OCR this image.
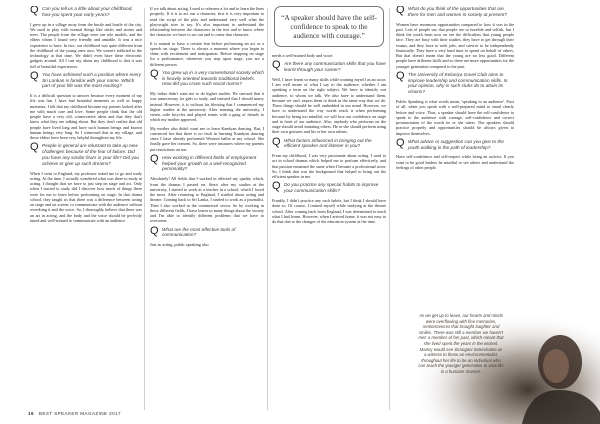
Q Can you tell us a little about your childhood, how you spent your early years?

I grew up in a village away from the hustle and bustle of the city. We used to play with normal things like sticks and stones and trees. The people from the village were our role models, and the elders whom I found very friendly and amiable. It was a nice experience to have. In fact, our childhood was quite different from the childhood of the young ones now. We weren't addicted to the technology at that time. We didn't even have these electronic gadgets around. All I can say about my childhood is that it was full of beautiful experiences.

Q You have achieved such a position where every Sri Lankan is familiar with your name. Which part of your life was the most exciting?

It is a difficult question to answer because every moment of my life was fun. I have had beautiful moments as well as happy moments. I felt that my childhood because my parents looked after me with much care and love. Some people think that the old people have a very old, conservative ideas and that they don't know what they are talking about. But they don't realize that old people have lived long and have such human beings and known human beings very long. So I witnessed that in my village, and those elders have been very helpful throughout my life.

Q People in general are reluctant to take up new challenges because of the fear of failure. Did you have any similar fears in your life? Did you achieve or give up such dreams?

When I went to England, my professor asked me to go and study acting. At the time, I actually wondered what was there to study in acting. I thought that we have to just step on stage and act. Only when I started to study did I discover how much of things there were for me to learn before performing on stage. In that drama school, they taught us that there was a difference between acting on stage and on screen: to communicate with the audience without overdoing it and the voice. So, I thoroughly believe that there was an art in acting, and the body and the voice should be perfectly tuned and well-trained to communicate with an audience.

If we talk about acting, I used to rehearse a lot and to learn the lines properly. If it is to act out a character, first it is very important to read the script of the play and understand very well what the playwright tries to say. It's also important to understand the relationship between the characters in the text and to know where the character we have to act out and to come that character.

It is natural to have a certain fear before performing an act or a speech on stage. There is always a moment where you begin to shine with excitement and anticipation. Before stepping on stage for a performance, whenever you step upon stage, you are a different person.

Q You grew up in a very conventional society which is heavily oriented towards traditional beliefs. How did you crave such social norms?

My father didn't want me to do higher studies. He stressed that it was unnecessary for girls to study, and insisted that I should marry instead. However, it is without his blessing that I commenced my higher studies at the university. After entering the university, I swam, rode bicycles and played tennis with a gang of friends to which my mother approved.

My mother also didn't want me to learn Kandyan dancing. But, I convinced her that there is no fault in learning Kandyan dancing since I have already performed Western ballet at my school. She finally gave her consent. So, there were instances where my parents put restrictions on me.

Q How working in different fields of employment helped your growth as a well-recognized personality?

Absolutely! All fields that I worked in affected my quality which, from the dramas I passed on. Since after my studies at the university, I started to work as a teacher in a school, which I loved the most. After returning to England, I studied about acting and theatre. Coming back to Sri Lanka, I started to work as a journalist. Then I also worked in the commercial sector. So by working in these different fields, I have learnt so many things about the society and I'm able to identify different problems that we have to overcome.

Q What are the most effective tools of communication?

Just as acting, public speaking also

“A speaker should have the self-confidence to speak to the audience with courage.”

needs a well-trained body and voice.

Q Are there any communication skills that you have learnt through your career?

Well, I have learnt so many skills while training myself as an actor. I am well aware of what I say to the audience, whether I am speaking a term on the right subject. We have to identify our audience, to whom we talk. We also have to understand them, because we can't expect them to think in the same way that we do. These things should be well embedded in our mind. However, we have to understand the way words reach it when performing because by being too mindful, we will lose our confidence on stage and in front of our audience. Also, anybody who performs on the stage should avoid imitating others. He or she should perform using their own gestures and his or her own talents.

Q What factors influenced in bringing out the efficient speaker and listener in you?

From my childhood, I was very passionate about acting. I used to act in school dramas which helped me to perform effectively, and that passion remained the same when I became a professional actor. So, I think that was the background that helped to bring out the efficient speaker in me.

Q Do you practice any special habits to improve your communication skills?

Frankly, I didn't practice any such habits, but I think I should have done so. Of course, I trained myself while studying at the theatre school. After coming back from England, I was determined to teach what I had learnt. However, when I arrived home, it was not easy to do that due to the changes of the education system at the time.

Q What do you think of the opportunities that are there for men and women in society at present?

Women have enormous opportunities compared to how it was in the past. Lots of people say that people are so horrible and selfish, but I think the youth from now on see the difficulties that young people face. They are busy with their studies, they have to get through their exams, and they have to seek jobs, and survive to be independently financially. They have a very hard time to spend on behalf of others. But that doesn't mean that the young are no less good. Different people have different skills and so there are more opportunities for the younger generation compared to the past.

Q The University of Kelaniya Gavel Club aims to improve leadership and communication skills. In your opinion, why is such clubs do to attain its visions?

Public Speaking is what words mean, 'speaking to an audience'. First of all, when you speak with a well-prepared mind to stand clearly before and voice. Thus, a speaker should have the self-confidence to speak to the audience with courage, self-confidence and correct pronunciation of the words he or she utters. The speakers should practice properly and opportunities should be always given to improve themselves.

Q What advice or suggestion can you give to the youth walking in the path of leadership?

Have self-confidence and self-respect while being an activist. If you want to be good leaders be mindful to see others and understand the feelings of other people.

As we get up to leave, our hearts and minds were overflowing with fine memories, reminiscences that brought laughter and smiles. There was still a member we haven't met: a member of her past, which meant that she lived spent the years in the wicked. Manny would see Sirangani Seneviratne as a witness to those an environmentalist, throughout her life to be an individual who can teach the younger generation to view life in a humane manner.
16 BEST SPEAKER MAGAZINE 2017
